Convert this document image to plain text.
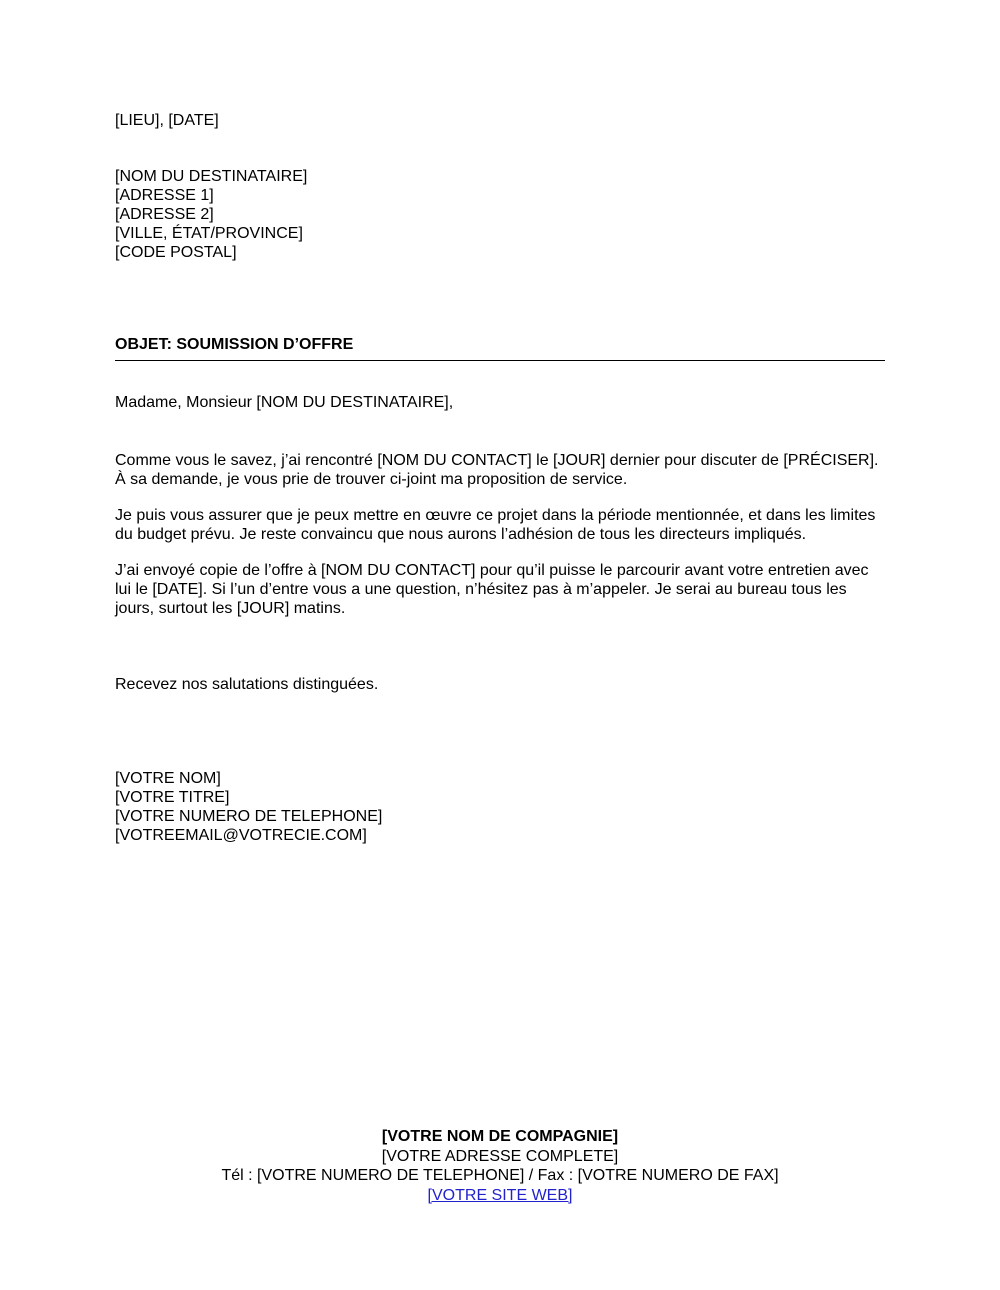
[LIEU], [DATE]
[NOM DU DESTINATAIRE]
[ADRESSE 1]
[ADRESSE 2]
[VILLE, ÉTAT/PROVINCE]
[CODE POSTAL]
OBJET: SOUMISSION D’OFFRE
Madame, Monsieur [NOM DU DESTINATAIRE],

Comme vous le savez, j’ai rencontré [NOM DU CONTACT] le [JOUR] dernier pour discuter de [PRÉCISER]. À sa demande, je vous prie de trouver ci-joint ma proposition de service.

Je puis vous assurer que je peux mettre en œuvre ce projet dans la période mentionnée, et dans les limites du budget prévu. Je reste convaincu que nous aurons l’adhésion de tous les directeurs impliqués.

J’ai envoyé copie de l’offre à [NOM DU CONTACT] pour qu’il puisse le parcourir avant votre entretien avec lui le [DATE]. Si l’un d’entre vous a une question, n’hésitez pas à m’appeler. Je serai au bureau tous les jours, surtout les [JOUR] matins.

Recevez nos salutations distinguées.
[VOTRE NOM]
[VOTRE TITRE]
[VOTRE NUMERO DE TELEPHONE]
[VOTREEMAIL@VOTRECIE.COM]
[VOTRE NOM DE COMPAGNIE]
[VOTRE ADRESSE COMPLETE]
Tél : [VOTRE NUMERO DE TELEPHONE] / Fax : [VOTRE NUMERO DE FAX]
[VOTRE SITE WEB]
